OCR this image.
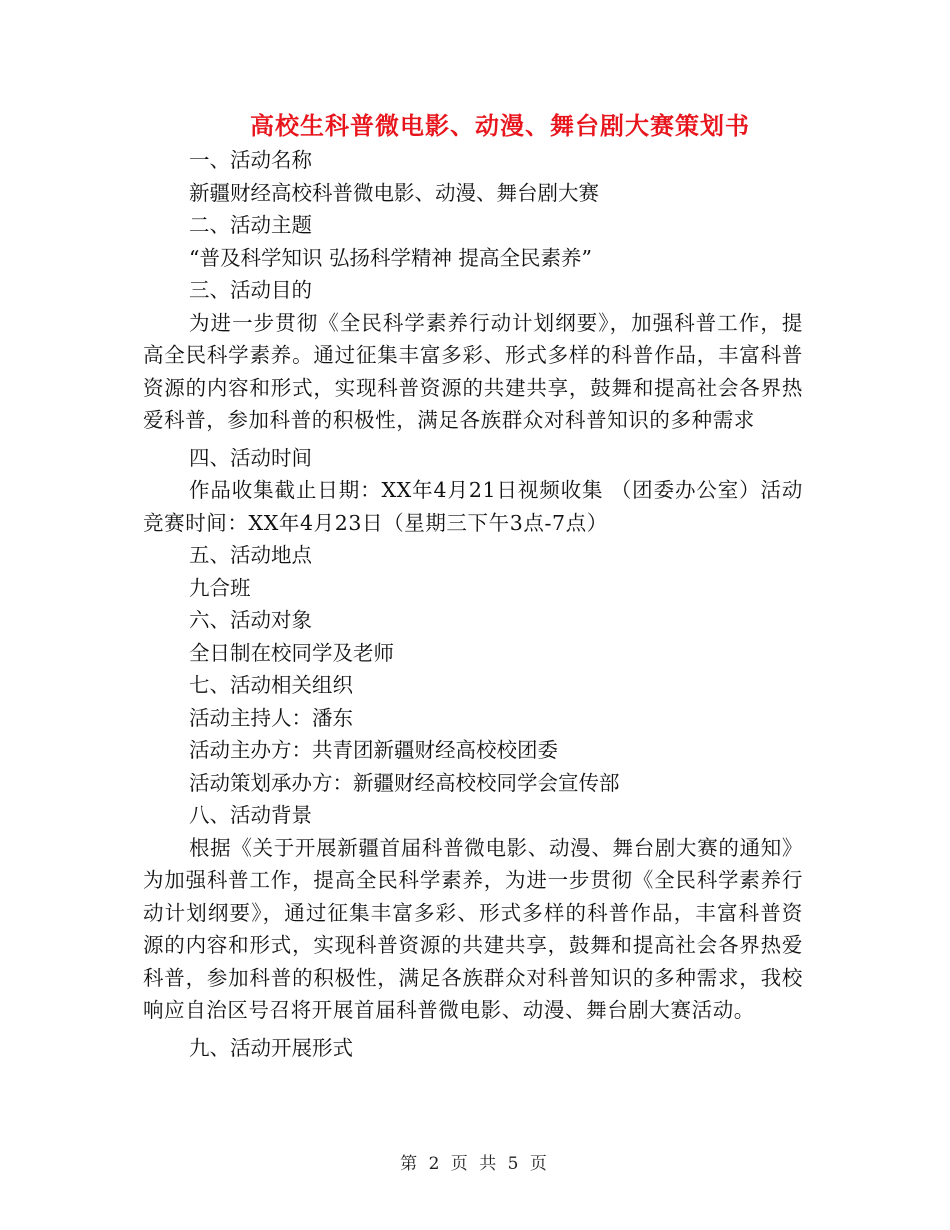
高校生科普微电影、动漫、舞台剧大赛策划书
一、活动名称
新疆财经高校科普微电影、动漫、舞台剧大赛
二、活动主题
“普及科学知识 弘扬科学精神 提高全民素养”
三、活动目的
为进一步贯彻《全民科学素养行动计划纲要》，加强科普工作，提高全民科学素养。通过征集丰富多彩、形式多样的科普作品，丰富科普资源的内容和形式，实现科普资源的共建共享，鼓舞和提高社会各界热爱科普，参加科普的积极性，满足各族群众对科普知识的多种需求
四、活动时间
作品收集截止日期：XX年4月21日视频收集 （团委办公室）活动竞赛时间：XX年4月23日（星期三下午3点-7点）
五、活动地点
九合班
六、活动对象
全日制在校同学及老师
七、活动相关组织
活动主持人：潘东
活动主办方：共青团新疆财经高校校团委
活动策划承办方：新疆财经高校校同学会宣传部
八、活动背景
根据《关于开展新疆首届科普微电影、动漫、舞台剧大赛的通知》为加强科普工作，提高全民科学素养，为进一步贯彻《全民科学素养行动计划纲要》，通过征集丰富多彩、形式多样的科普作品，丰富科普资源的内容和形式，实现科普资源的共建共享，鼓舞和提高社会各界热爱科普，参加科普的积极性，满足各族群众对科普知识的多种需求，我校响应自治区号召将开展首届科普微电影、动漫、舞台剧大赛活动。
九、活动开展形式
第 2 页 共 5 页
